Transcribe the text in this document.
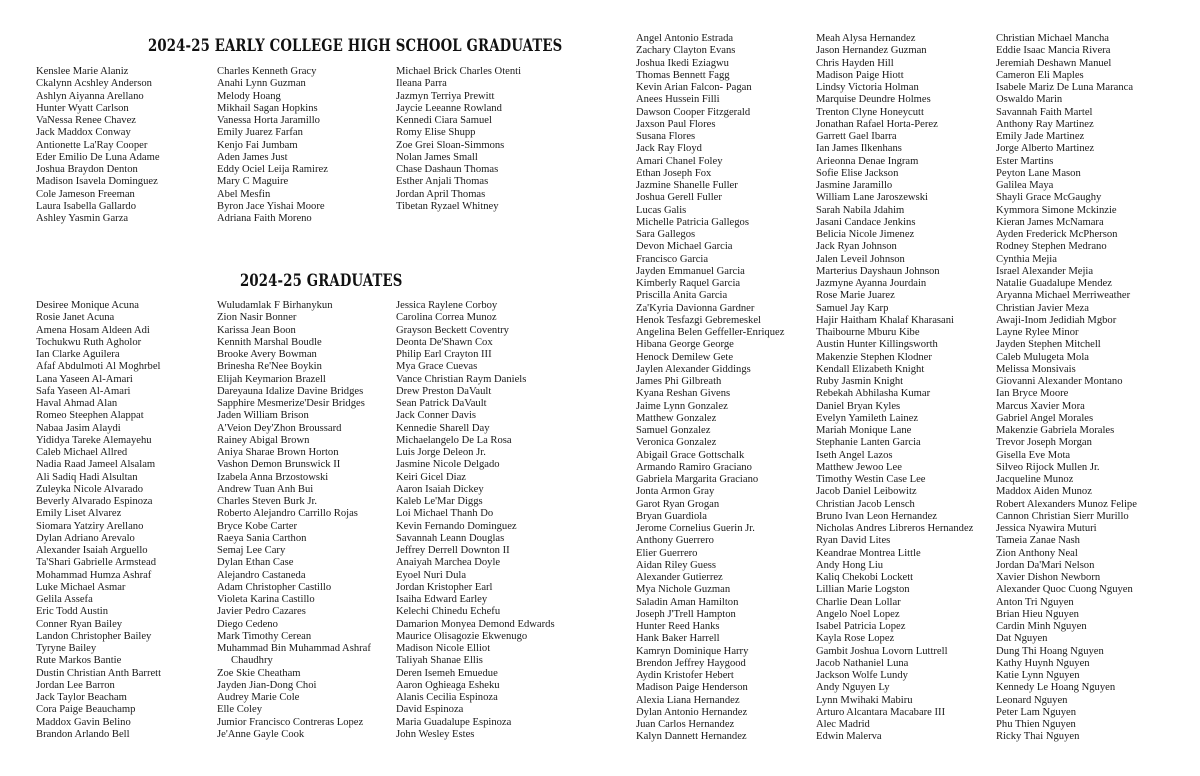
2024-25 EARLY COLLEGE HIGH SCHOOL GRADUATES
Kenslee Marie Alaniz
Ckalynn Acshley Anderson
Ashlyn Aiyanna Arellano
Hunter Wyatt Carlson
VaNessa Renee Chavez
Jack Maddox Conway
Antionette La'Ray Cooper
Eder Emilio De Luna Adame
Joshua Braydon Denton
Madison Isavela Dominguez
Cole Jameson Freeman
Laura Isabella Gallardo
Ashley Yasmin Garza
Charles Kenneth Gracy
Anahi Lynn Guzman
Melody Hoang
Mikhail Sagan Hopkins
Vanessa Horta Jaramillo
Emily Juarez Farfan
Kenjo Fai Jumbam
Aden James Just
Eddy Ociel Leija Ramirez
Mary C Maguire
Abel Mesfin
Byron Jace Yishai Moore
Adriana Faith Moreno
Michael Brick Charles Otenti
Ileana Parra
Jazmyn Terriya Prewitt
Jaycie Leeanne Rowland
Kennedi Ciara Samuel
Romy Elise Shupp
Zoe Grei Sloan-Simmons
Nolan James Small
Chase Dashaun Thomas
Esther Anjali Thomas
Jordan April Thomas
Tibetan Ryzael Whitney
2024-25 GRADUATES
Desiree Monique Acuna
Rosie Janet Acuna
Amena Hosam Aldeen Adi
Tochukwu Ruth Agholor
Ian Clarke Aguilera
Afaf Abdulmoti Al Moghrbel
Lana Yaseen Al-Amari
Safa Yaseen Al-Amari
Haval Ahmad Alan
Romeo Steephen Alappat
Nabaa Jasim Alaydi
Yididya Tareke Alemayehu
Caleb Michael Allred
Nadia Raad Jameel Alsalam
Ali Sadiq Hadi Alsultan
Zuleyka Nicole Alvarado
Beverly Alvarado Espinoza
Emily Liset Alvarez
Siomara Yatziry Arellano
Dylan Adriano Arevalo
Alexander Isaiah Arguello
Ta'Shari Gabrielle Armstead
Mohammad Humza Ashraf
Luke Michael Asmar
Gelila Assefa
Eric Todd Austin
Conner Ryan Bailey
Landon Christopher Bailey
Tyryne Bailey
Rute Markos Bantie
Dustin Christian Anth Barrett
Jordan Lee Barron
Jack Taylor Beacham
Cora Paige Beauchamp
Maddox Gavin Belino
Brandon Arlando Bell
Wuludamlak F Birhanykun
Zion Nasir Bonner
Karissa Jean Boon
Kennith Marshal Boudle
Brooke Avery Bowman
Brinesha Re'Nee Boykin
Elijah Keymarion Brazell
Dareyauna Idalize Davine Bridges
Sapphire Mesmerize'Desir Bridges
Jaden William Brison
A'Veion Dey'Zhon Broussard
Rainey Abigal Brown
Aniya Sharae Brown Horton
Vashon Demon Brunswick II
Izabela Anna Brzostowski
Andrew Tuan Anh Bui
Charles Steven Burk Jr.
Roberto Alejandro Carrillo Rojas
Bryce Kobe Carter
Raeya Sania Carthon
Semaj Lee Cary
Dylan Ethan Case
Alejandro Castaneda
Adam Christopher Castillo
Violeta Karina Castillo
Javier Pedro Cazares
Diego Cedeno
Mark Timothy Cerean
Muhammad Bin Muhammad Ashraf
Chaudhry
Zoe Skie Cheatham
Jayden Jian-Dong Choi
Audrey Marie Cole
Elle Coley
Jumior Francisco Contreras Lopez
Je'Anne Gayle Cook
Jessica Raylene Corboy
Carolina Correa Munoz
Grayson Beckett Coventry
Deonta De'Shawn Cox
Philip Earl Crayton III
Mya Grace Cuevas
Vance Christian Raym Daniels
Drew Preston DaVault
Sean Patrick DaVault
Jack Conner Davis
Kennedie Sharell Day
Michaelangelo De La Rosa
Luis Jorge Deleon Jr.
Jasmine Nicole Delgado
Keiri Gicel Diaz
Aaron Isaiah Dickey
Kaleb Le'Mar Diggs
Loi Michael Thanh Do
Kevin Fernando Dominguez
Savannah Leann Douglas
Jeffrey Derrell Downton II
Anaiyah Marchea Doyle
Eyoel Nuri Dula
Jordan Kristopher Earl
Isaiha Edward Earley
Kelechi Chinedu Echefu
Damarion Monyea Demond Edwards
Maurice Olisagozie Ekwenugo
Madison Nicole Elliot
Taliyah Shanae Ellis
Deren Isemeh Emuedue
Aaron Oghieaga Esheku
Alanis Cecilia Espinoza
David Espinoza
Maria Guadalupe Espinoza
John Wesley Estes
Angel Antonio Estrada
Zachary Clayton Evans
Joshua Ikedi Eziagwu
Thomas Bennett Fagg
Kevin Arian Falcon- Pagan
Anees Hussein Filli
Dawson Cooper Fitzgerald
Jaxson Paul Flores
Susana Flores
Jack Ray Floyd
Amari Chanel Foley
Ethan Joseph Fox
Jazmine Shanelle Fuller
Joshua Gerell Fuller
Lucas Galis
Michelle Patricia Gallegos
Sara Gallegos
Devon Michael Garcia
Francisco Garcia
Jayden Emmanuel Garcia
Kimberly Raquel Garcia
Priscilla Anita Garcia
Za'Kyria Davionna Gardner
Henok Tesfazgi Gebremeskel
Angelina Belen Geffeller-Enriquez
Hibana George George
Henock Demilew Gete
Jaylen Alexander Giddings
James Phi Gilbreath
Kyana Reshan Givens
Jaime Lynn Gonzalez
Matthew Gonzalez
Samuel Gonzalez
Veronica Gonzalez
Abigail Grace Gottschalk
Armando Ramiro Graciano
Gabriela Margarita Graciano
Jonta Armon Gray
Garot Ryan Grogan
Bryan Guardiola
Jerome Cornelius Guerin Jr.
Anthony Guerrero
Elier Guerrero
Aidan Riley Guess
Alexander Gutierrez
Mya Nichole Guzman
Saladin Aman Hamilton
Joseph J'Trell Hampton
Hunter Reed Hanks
Hank Baker Harrell
Kamryn Dominique Harry
Brendon Jeffrey Haygood
Aydin Kristofer Hebert
Madison Paige Henderson
Alexia Liana Hernandez
Dylan Antonio Hernandez
Juan Carlos Hernandez
Kalyn Dannett Hernandez
Meah Alysa Hernandez
Jason Hernandez Guzman
Chris Hayden Hill
Madison Paige Hiott
Lindsy Victoria Holman
Marquise Deundre Holmes
Trenton Clyne Honeycutt
Jonathan Rafael Horta-Perez
Garrett Gael Ibarra
Ian James Ilkenhans
Arieonna Denae Ingram
Sofie Elise Jackson
Jasmine Jaramillo
William Lane Jaroszewski
Sarah Nabila Jdahim
Jasani Candace Jenkins
Belicia Nicole Jimenez
Jack Ryan Johnson
Jalen Leveil Johnson
Marterius Dayshaun Johnson
Jazmyne Ayanna Jourdain
Rose Marie Juarez
Samuel Jay Karp
Hajir Haitham Khalaf Kharasani
Thaibourne Mburu Kibe
Austin Hunter Killingsworth
Makenzie Stephen Klodner
Kendall Elizabeth Knight
Ruby Jasmin Knight
Rebekah Abhilasha Kumar
Daniel Bryan Kyles
Evelyn Yamileth Lainez
Mariah Monique Lane
Stephanie Lanten Garcia
Iseth Angel Lazos
Matthew Jewoo Lee
Timothy Westin Case Lee
Jacob Daniel Leibowitz
Christian Jacob Lensch
Bruno Ivan Leon Hernandez
Nicholas Andres Libreros Hernandez
Ryan David Lites
Keandrae Montrea Little
Andy Hong Liu
Kaliq Chekobi Lockett
Lillian Marie Logston
Charlie Dean Lollar
Angelo Noel Lopez
Isabel Patricia Lopez
Kayla Rose Lopez
Gambit Joshua Lovorn Luttrell
Jacob Nathaniel Luna
Jackson Wolfe Lundy
Andy Nguyen Ly
Lynn Mwihaki Mabiru
Arturo Alcantara Macabare III
Alec Madrid
Edwin Malerva
Christian Michael Mancha
Eddie Isaac Mancia Rivera
Jeremiah Deshawn Manuel
Cameron Eli Maples
Isabele Mariz De Luna Maranca
Oswaldo Marin
Savannah Faith Martel
Anthony Ray Martinez
Emily Jade Martinez
Jorge Alberto Martinez
Ester Martins
Peyton Lane Mason
Galilea Maya
Shayli Grace McGaughy
Kymmora Simone Mckinzie
Kieran James McNamara
Ayden Frederick McPherson
Rodney Stephen Medrano
Cynthia Mejia
Israel Alexander Mejia
Natalie Guadalupe Mendez
Aryanna Michael Merriweather
Christian Javier Meza
Awaji-Inom Jedidiah Mgbor
Layne Rylee Minor
Jayden Stephen Mitchell
Caleb Mulugeta Mola
Melissa Monsivais
Giovanni Alexander Montano
Ian Bryce Moore
Marcus Xavier Mora
Gabriel Angel Morales
Makenzie Gabriela Morales
Trevor Joseph Morgan
Gisella Eve Mota
Silveo Rijock Mullen Jr.
Jacqueline Munoz
Maddox Aiden Munoz
Robert Alexanders Munoz Felipe
Cannon Christian Sierr Murillo
Jessica Nyawira Muturi
Tameia Zanae Nash
Zion Anthony Neal
Jordan Da'Mari Nelson
Xavier Dishon Newborn
Alexander Quoc Cuong Nguyen
Anton Tri Nguyen
Brian Hieu Nguyen
Cardin Minh Nguyen
Dat Nguyen
Dung Thi Hoang Nguyen
Kathy Huynh Nguyen
Katie Lynn Nguyen
Kennedy Le Hoang Nguyen
Leonard Nguyen
Peter Lam Nguyen
Phu Thien Nguyen
Ricky Thai Nguyen
